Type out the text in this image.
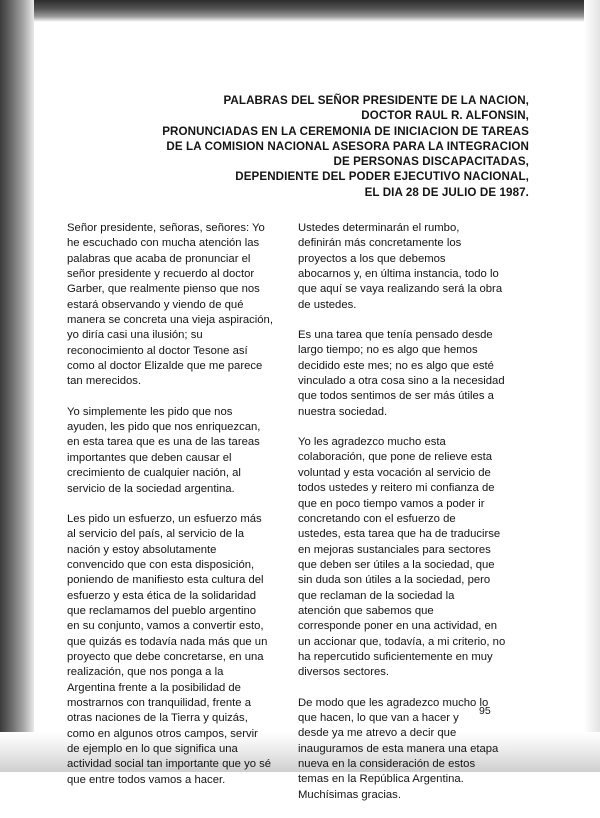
PALABRAS DEL SEÑOR PRESIDENTE DE LA NACION,
DOCTOR RAUL R. ALFONSIN,
PRONUNCIADAS EN LA CEREMONIA DE INICIACION DE TAREAS
DE LA COMISION NACIONAL ASESORA PARA LA INTEGRACION
DE PERSONAS DISCAPACITADAS,
DEPENDIENTE DEL PODER EJECUTIVO NACIONAL,
EL DIA 28 DE JULIO DE 1987.
Señor presidente, señoras, señores: Yo
he escuchado con mucha atención las
palabras que acaba de pronunciar el
señor presidente y recuerdo al doctor
Garber, que realmente pienso que nos
estará observando y viendo de qué
manera se concreta una vieja aspiración,
yo diría casi una ilusión; su
reconocimiento al doctor Tesone así
como al doctor Elizalde que me parece
tan merecidos.
Yo simplemente les pido que nos
ayuden, les pido que nos enriquezcan,
en esta tarea que es una de las tareas
importantes que deben causar el
crecimiento de cualquier nación, al
servicio de la sociedad argentina.
Les pido un esfuerzo, un esfuerzo más
al servicio del país, al servicio de la
nación y estoy absolutamente
convencido que con esta disposición,
poniendo de manifiesto esta cultura del
esfuerzo y esta ética de la solidaridad
que reclamamos del pueblo argentino
en su conjunto, vamos a convertir esto,
que quizás es todavía nada más que un
proyecto que debe concretarse, en una
realización, que nos ponga a la
Argentina frente a la posibilidad de
mostrarnos con tranquilidad, frente a
otras naciones de la Tierra y quizás,
como en algunos otros campos, servir
de ejemplo en lo que significa una
actividad social tan importante que yo sé
que entre todos vamos a hacer.
Ustedes determinarán el rumbo,
definirán más concretamente los
proyectos a los que debemos
abocarnos y, en última instancia, todo lo
que aquí se vaya realizando será la obra
de ustedes.
Es una tarea que tenía pensado desde
largo tiempo; no es algo que hemos
decidido este mes; no es algo que esté
vinculado a otra cosa sino a la necesidad
que todos sentimos de ser más útiles a
nuestra sociedad.
Yo les agradezco mucho esta
colaboración, que pone de relieve esta
voluntad y esta vocación al servicio de
todos ustedes y reitero mi confianza de
que en poco tiempo vamos a poder ir
concretando con el esfuerzo de
ustedes, esta tarea que ha de traducirse
en mejoras sustanciales para sectores
que deben ser útiles a la sociedad, que
sin duda son útiles a la sociedad, pero
que reclaman de la sociedad la
atención que sabemos que
corresponde poner en una actividad, en
un accionar que, todavía, a mi criterio, no
ha repercutido suficientemente en muy
diversos sectores.
De modo que les agradezco mucho lo
que hacen, lo que van a hacer y
desde ya me atrevo a decir que
inauguramos de esta manera una etapa
nueva en la consideración de estos
temas en la República Argentina.
Muchísimas gracias.
95
